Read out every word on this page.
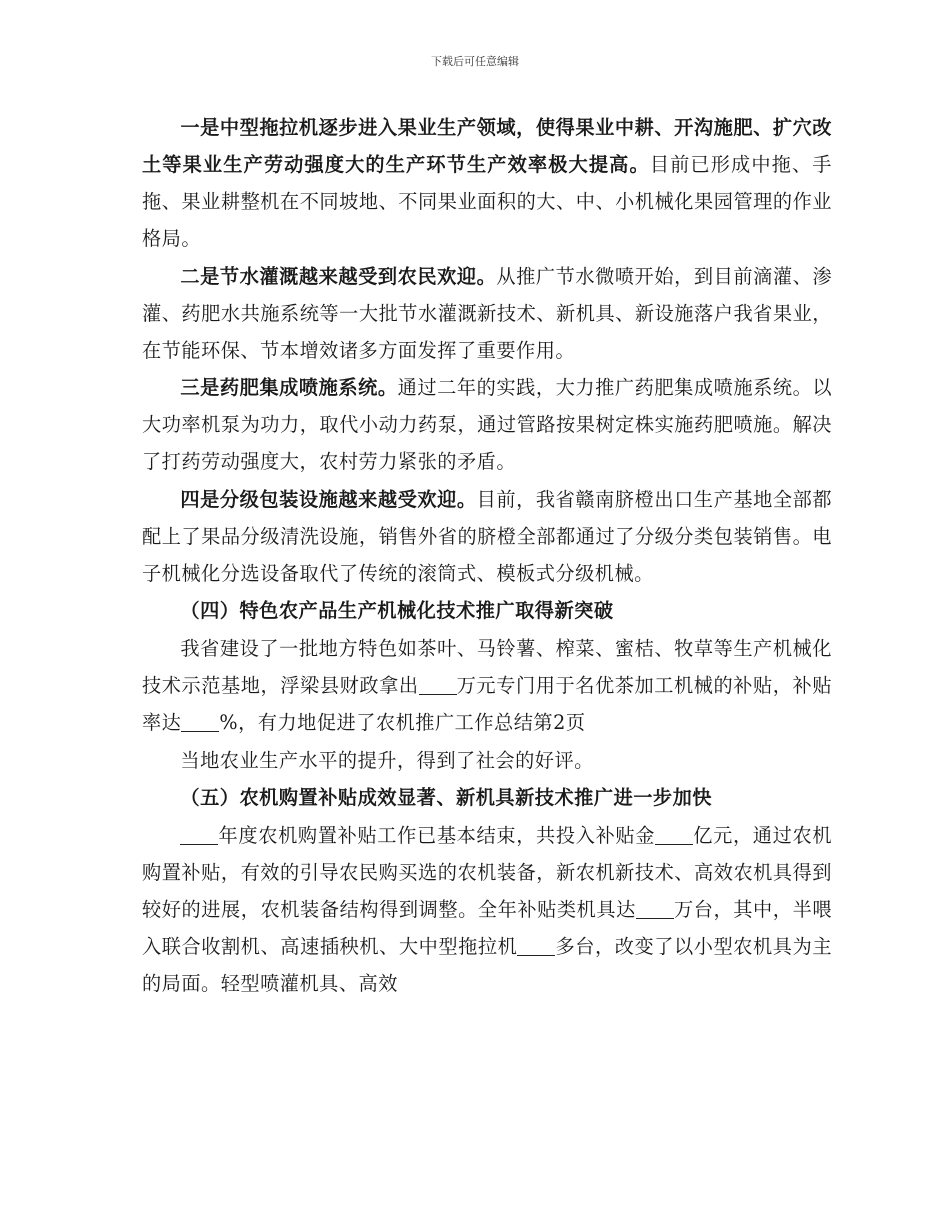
下载后可任意编辑

一是中型拖拉机逐步进入果业生产领域，使得果业中耕、开沟施肥、扩穴改土等果业生产劳动强度大的生产环节生产效率极大提高。目前已形成中拖、手拖、果业耕整机在不同坡地、不同果业面积的大、中、小机械化果园管理的作业格局。

二是节水灌溉越来越受到农民欢迎。从推广节水微喷开始，到目前滴灌、渗灌、药肥水共施系统等一大批节水灌溉新技术、新机具、新设施落户我省果业，在节能环保、节本增效诸多方面发挥了重要作用。

三是药肥集成喷施系统。通过二年的实践，大力推广药肥集成喷施系统。以大功率机泵为功力，取代小动力药泵，通过管路按果树定株实施药肥喷施。解决了打药劳动强度大，农村劳力紧张的矛盾。

四是分级包装设施越来越受欢迎。目前，我省赣南脐橙出口生产基地全部都配上了果品分级清洗设施，销售外省的脐橙全部都通过了分级分类包装销售。电子机械化分选设备取代了传统的滚筒式、模板式分级机械。

（四）特色农产品生产机械化技术推广取得新突破

我省建设了一批地方特色如茶叶、马铃薯、榨菜、蜜桔、牧草等生产机械化技术示范基地，浮梁县财政拿出 万元专门用于名优茶加工机械的补贴，补贴率达 %，有力地促进了农机推广工作总结第2页

当地农业生产水平的提升，得到了社会的好评。

（五）农机购置补贴成效显著、新机具新技术推广进一步加快

年度农机购置补贴工作已基本结束，共投入补贴金 亿元，通过农机购置补贴，有效的引导农民购买选的农机装备，新农机新技术、高效农机具得到较好的进展，农机装备结构得到调整。全年补贴类机具达 万台，其中，半喂入联合收割机、高速插秧机、大中型拖拉机 多台，改变了以小型农机具为主的局面。轻型喷灌机具、高效
